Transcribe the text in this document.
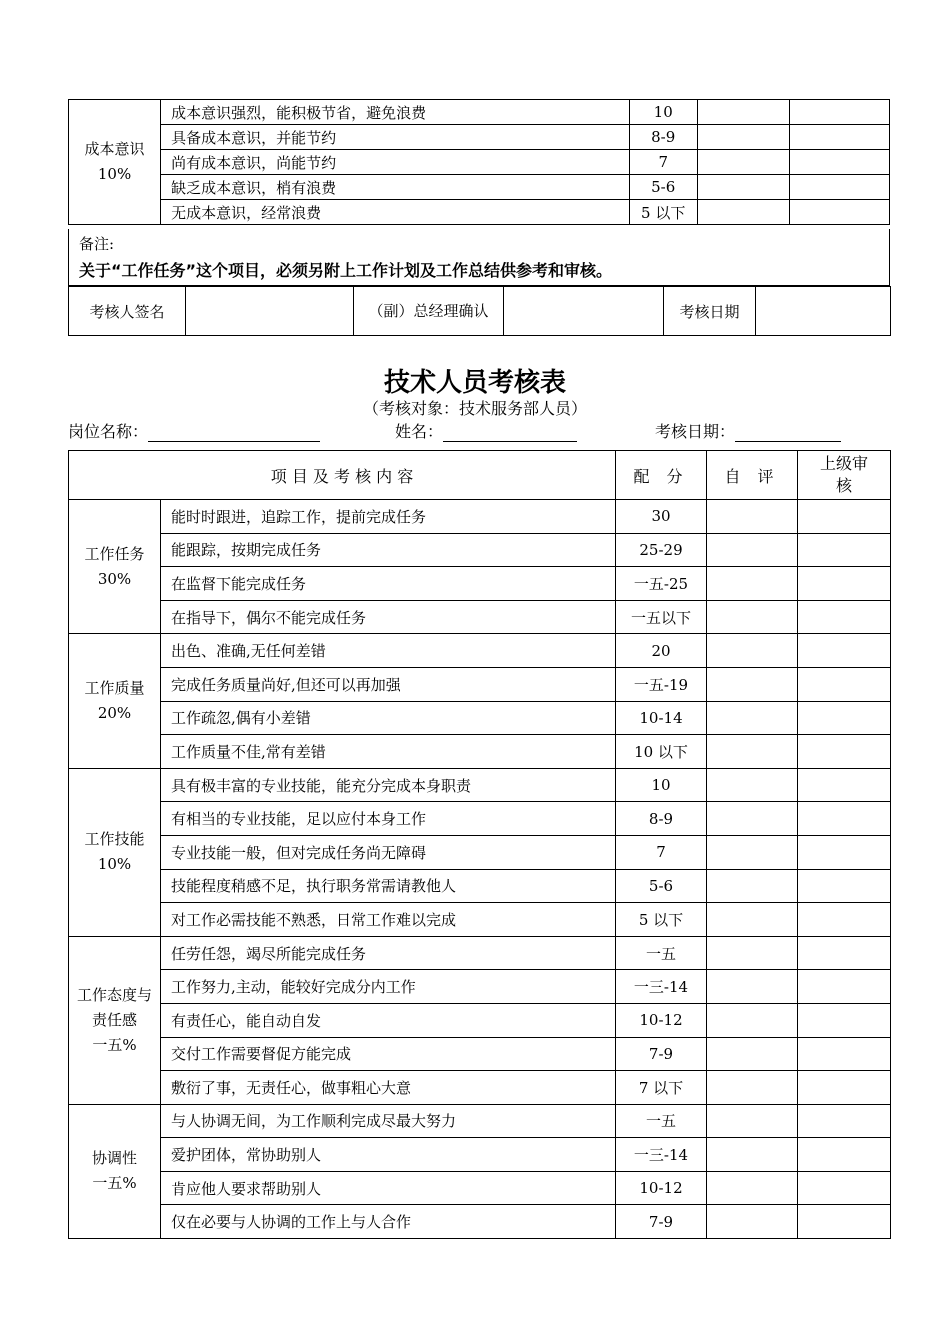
成本意识
10%	成本意识强烈，能积极节省，避免浪费	10		
	具备成本意识，并能节约	8-9		
	尚有成本意识，尚能节约	7		
	缺乏成本意识，梢有浪费	5-6		
	无成本意识，经常浪费	5 以下		
备注:
关于“工作任务”这个项目，必须另附上工作计划及工作总结供参考和审核。
考核人签名		（副）总经理确认		考核日期	
技术人员考核表
（考核对象：技术服务部人员）
岗位名称：	姓名：	考核日期：
项 目 及 考 核 内 容		配 分	自 评	上级审核

工作任务
30%	能时时跟进，追踪工作，提前完成任务	30		
	能跟踪，按期完成任务	25-29		
	在监督下能完成任务	一五-25		
	在指导下，偶尔不能完成任务	一五以下		

工作质量
20%	出色、准确,无任何差错	20		
	完成任务质量尚好,但还可以再加强	一五-19		
	工作疏忽,偶有小差错	10-14		
	工作质量不佳,常有差错	10 以下		

工作技能
10%	具有极丰富的专业技能，能充分完成本身职责	10		
	有相当的专业技能，足以应付本身工作	8-9		
	专业技能一般，但对完成任务尚无障碍	7		
	技能程度稍感不足，执行职务常需请教他人	5-6		
	对工作必需技能不熟悉，日常工作难以完成	5 以下		

工作态度与责任感
一五%	任劳任怨，竭尽所能完成任务	一五		
	工作努力,主动，能较好完成分内工作	一三-14		
	有责任心，能自动自发	10-12		
	交付工作需要督促方能完成	7-9		
	敷衍了事，无责任心，做事粗心大意	7 以下		

协调性
一五%	与人协调无间，为工作顺利完成尽最大努力	一五		
	爱护团体，常协助别人	一三-14		
	肯应他人要求帮助别人	10-12		
	仅在必要与人协调的工作上与人合作	7-9		
